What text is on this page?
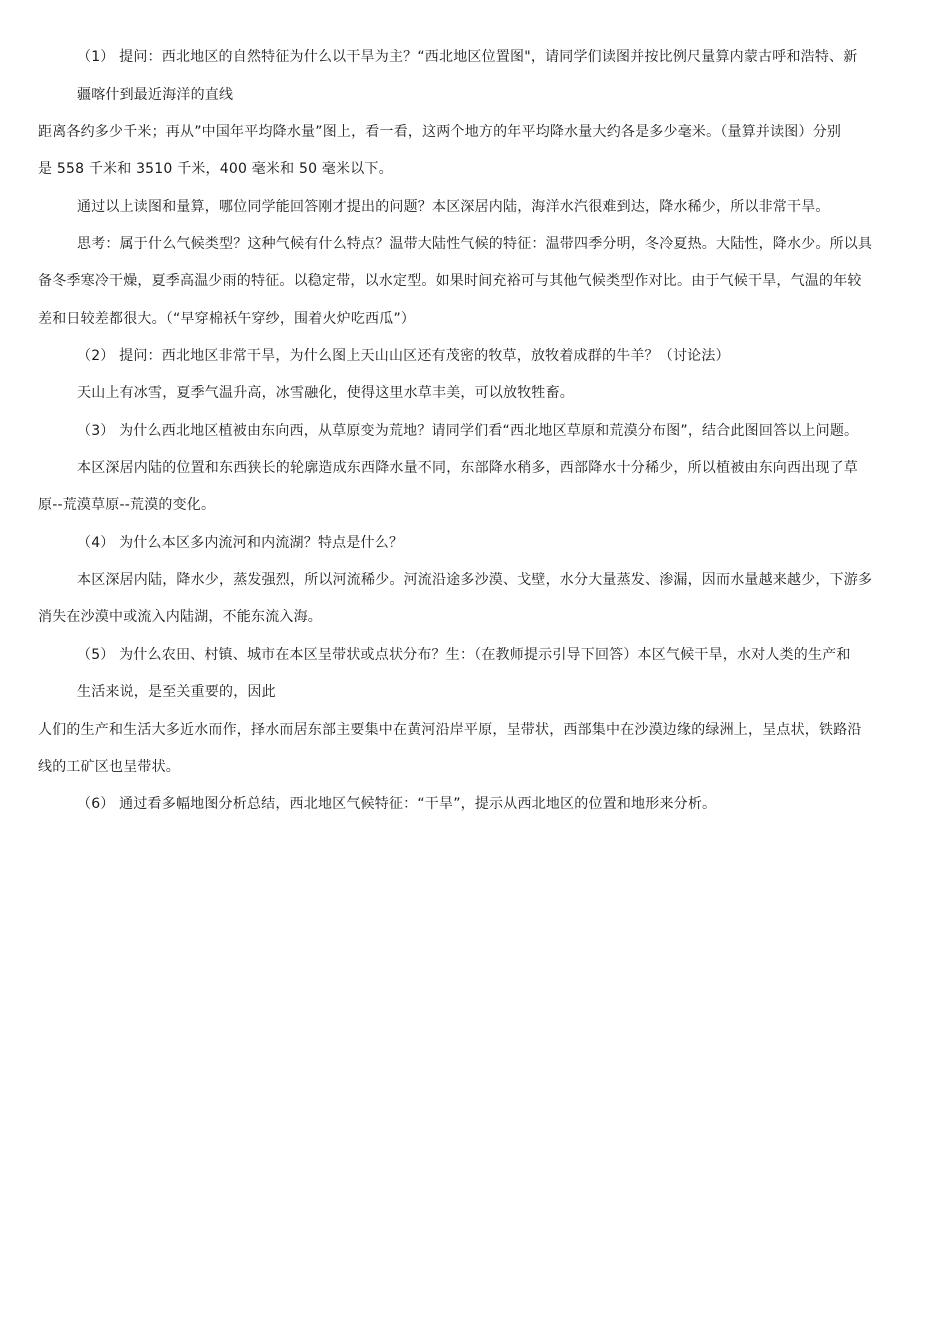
（1） 提问：西北地区的自然特征为什么以干旱为主？“西北地区位置图"，请同学们读图并按比例尺量算内蒙古呼和浩特、新
疆喀什到最近海洋的直线
距离各约多少千米；再从”中国年平均降水量”图上，看一看，这两个地方的年平均降水量大约各是多少毫米。（量算并读图）分别
是 558 千米和 3510 千米，400 毫米和 50 毫米以下。
通过以上读图和量算，哪位同学能回答刚才提出的问题？本区深居内陆，海洋水汽很难到达，降水稀少，所以非常干旱。
思考：属于什么气候类型？这种气候有什么特点？温带大陆性气候的特征：温带四季分明，冬冷夏热。大陆性，降水少。所以具
备冬季寒冷干燥，夏季高温少雨的特征。以稳定带，以水定型。如果时间充裕可与其他气候类型作对比。由于气候干旱，气温的年较
差和日较差都很大。（“早穿棉袄午穿纱，围着火炉吃西瓜”）
（2） 提问：西北地区非常干旱，为什么图上天山山区还有茂密的牧草，放牧着成群的牛羊？（讨论法）
天山上有冰雪，夏季气温升高，冰雪融化，使得这里水草丰美，可以放牧牲畜。
（3） 为什么西北地区植被由东向西，从草原变为荒地？请同学们看“西北地区草原和荒漠分布图”，结合此图回答以上问题。
本区深居内陆的位置和东西狭长的轮廓造成东西降水量不同，东部降水稍多，西部降水十分稀少，所以植被由东向西出现了草
原--荒漠草原--荒漠的变化。
（4） 为什么本区多内流河和内流湖？特点是什么？
本区深居内陆，降水少，蒸发强烈，所以河流稀少。河流沿途多沙漠、戈壁，水分大量蒸发、渗漏，因而水量越来越少，下游多
消失在沙漠中或流入内陆湖，不能东流入海。
（5） 为什么农田、村镇、城市在本区呈带状或点状分布？生：（在教师提示引导下回答）本区气候干旱，水对人类的生产和
生活来说，是至关重要的，因此
人们的生产和生活大多近水而作，择水而居东部主要集中在黄河沿岸平原，呈带状，西部集中在沙漠边缘的绿洲上，呈点状，铁路沿
线的工矿区也呈带状。
（6） 通过看多幅地图分析总结，西北地区气候特征：“干旱”，提示从西北地区的位置和地形来分析。
